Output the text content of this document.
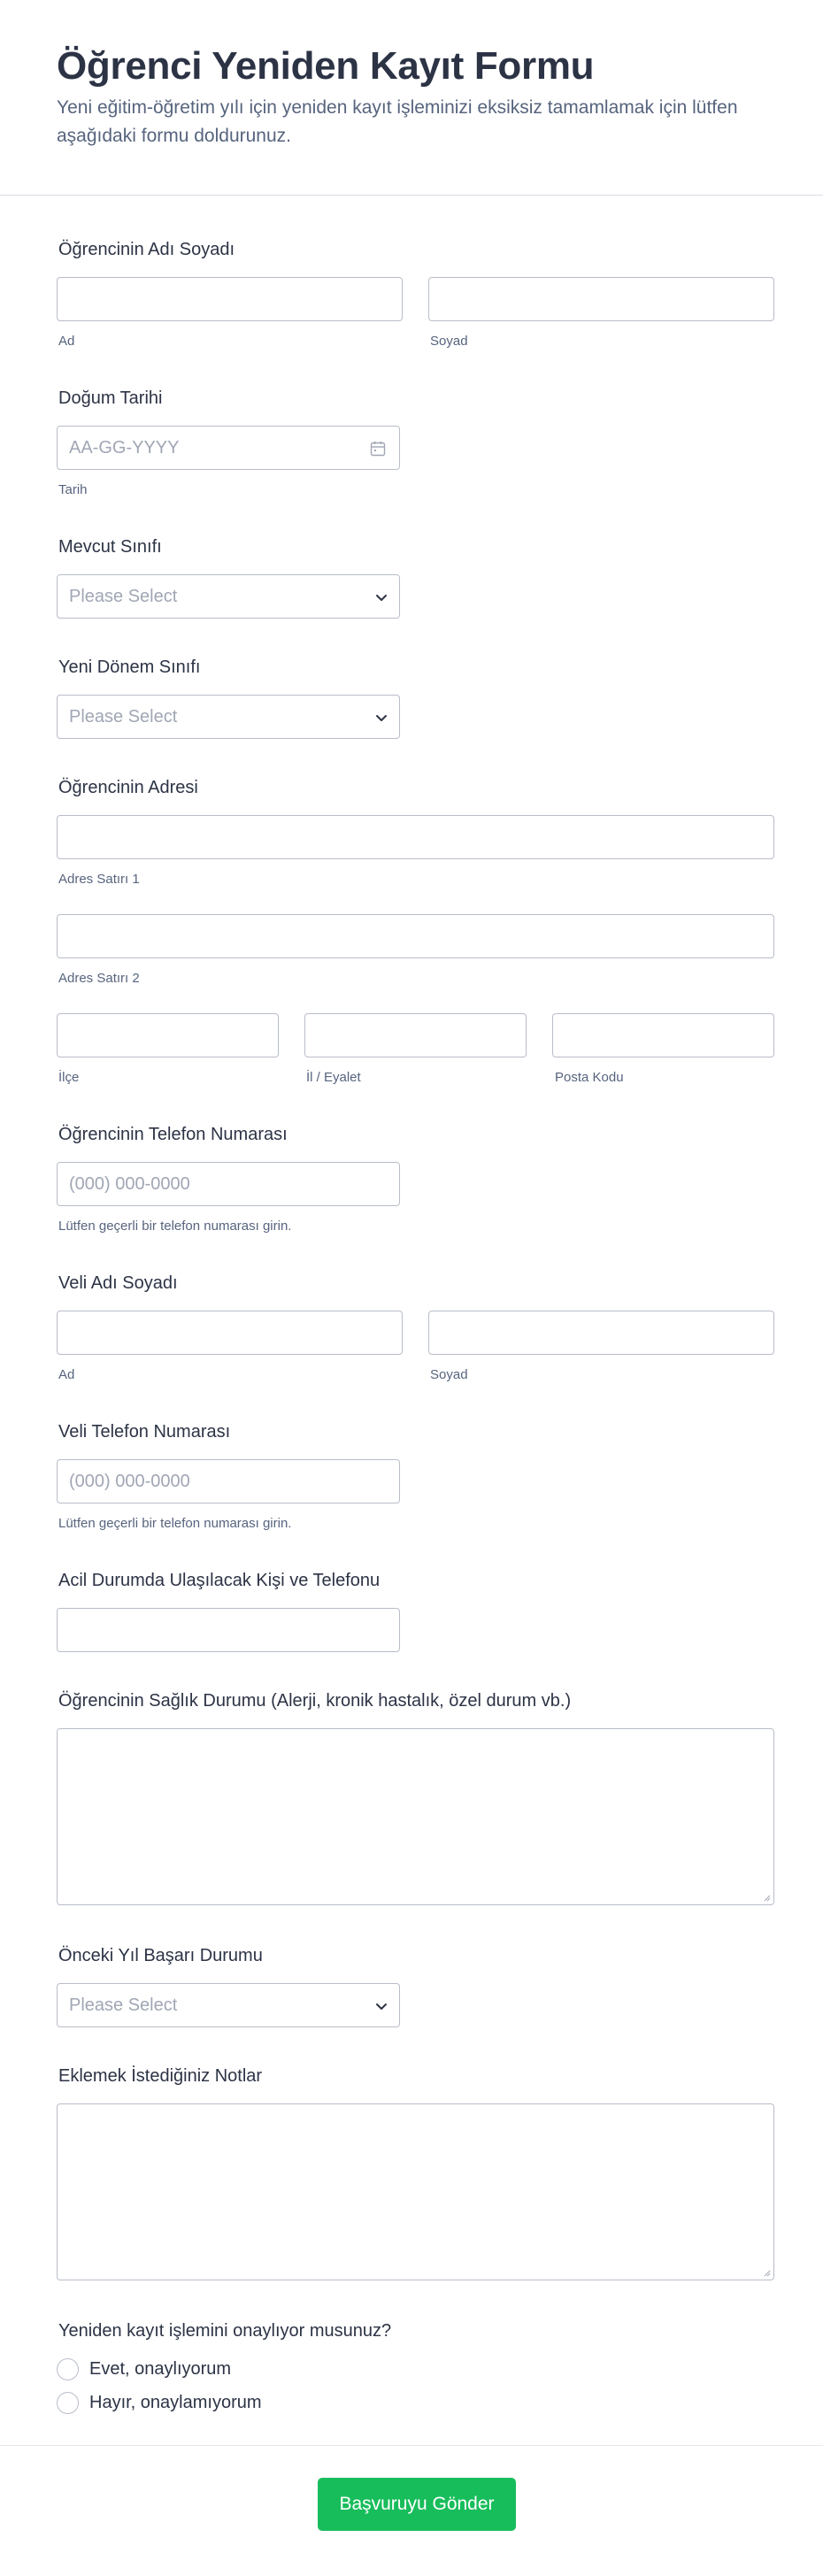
Öğrenci Yeniden Kayıt Formu
Yeni eğitim-öğretim yılı için yeniden kayıt işleminizi eksiksiz tamamlamak için lütfen aşağıdaki formu doldurunuz.
Öğrencinin Adı Soyadı
Ad	Soyad
Doğum Tarihi
AA-GG-YYYY
Tarih
Mevcut Sınıfı
Please Select
Yeni Dönem Sınıfı
Please Select
Öğrencinin Adresi
Adres Satırı 1
Adres Satırı 2
İlçe	İl / Eyalet	Posta Kodu
Öğrencinin Telefon Numarası
(000) 000-0000
Lütfen geçerli bir telefon numarası girin.
Veli Adı Soyadı
Ad	Soyad
Veli Telefon Numarası
(000) 000-0000
Lütfen geçerli bir telefon numarası girin.
Acil Durumda Ulaşılacak Kişi ve Telefonu
Öğrencinin Sağlık Durumu (Alerji, kronik hastalık, özel durum vb.)
Önceki Yıl Başarı Durumu
Please Select
Eklemek İstediğiniz Notlar
Yeniden kayıt işlemini onaylıyor musunuz?
Evet, onaylıyorum
Hayır, onaylamıyorum
Başvuruyu Gönder
